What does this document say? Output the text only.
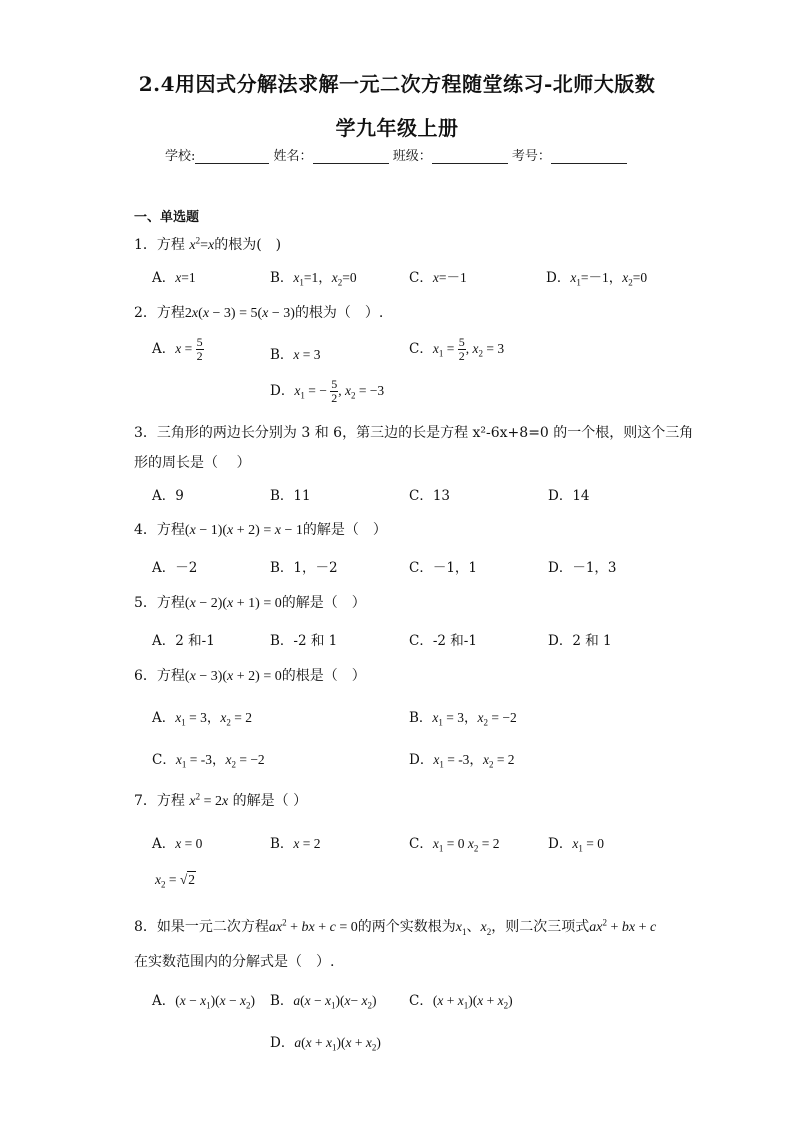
2.4用因式分解法求解一元二次方程随堂练习-北师大版数
学九年级上册
学校:	姓名：	班级：	考号：
一、单选题
1．方程 $x^2=x$的根为(　)
A．x=1	B．$x_1=1$，$x_2=0$	C．x=－1	D．$x_1=-1$，$x_2=0$
2．方程2x(x − 3) = 5(x − 3)的根为（　）.
A．$x = \frac{5}{2}$	B．x = 3	C．$x_1 = \frac{5}{2}$ , $x_2 = 3$
D．$x_1$ = − $\frac{5}{2}$ , $x_2 = -3$
3．三角形的两边长分别为 3 和 6，第三边的长是方程 x²-6x+8=0 的一个根，则这个三角
形的周长是（　 ）
A．9	B．11	C．13	D．14
4．方程(x − 1)(x + 2) = x − 1的解是（　）
A．－2	B．1，－2	C．－1，1	D．－1，3
5．方程(x − 2)(x + 1) = 0的解是（　）
A．2 和-1	B．-2 和 1	C．-2 和-1	D．2 和 1
6．方程(x − 3)(x + 2) = 0的根是（　）
A．$x_1 = 3$，$x_2 = 2$	B．$x_1 = 3$，$x_2 = -2$
C．$x_1 = -3$，$x_2 = -2$	D．$x_1 = -3$，$x_2 = 2$
7．方程 $x^2 = 2x$ 的解是（ ）
A．x = 0	B．x = 2	C．$x_1 = 0$ $x_2 = 2$	D．$x_1 = 0$
$x_2 = √2$
8．如果一元二次方程$ax^2$ + bx + c = 0的两个实数根为$x_1$、$x_2$，则二次三项式$ax^2$ + bx + c
在实数范围内的分解式是（　）.
A．$(x - x_1)(x - x_2)$ B．$a(x - x_1)(x- x_2)$ C．$(x + x_1)(x + x_2)$
D．$a(x + x_1)(x + x_2)$
